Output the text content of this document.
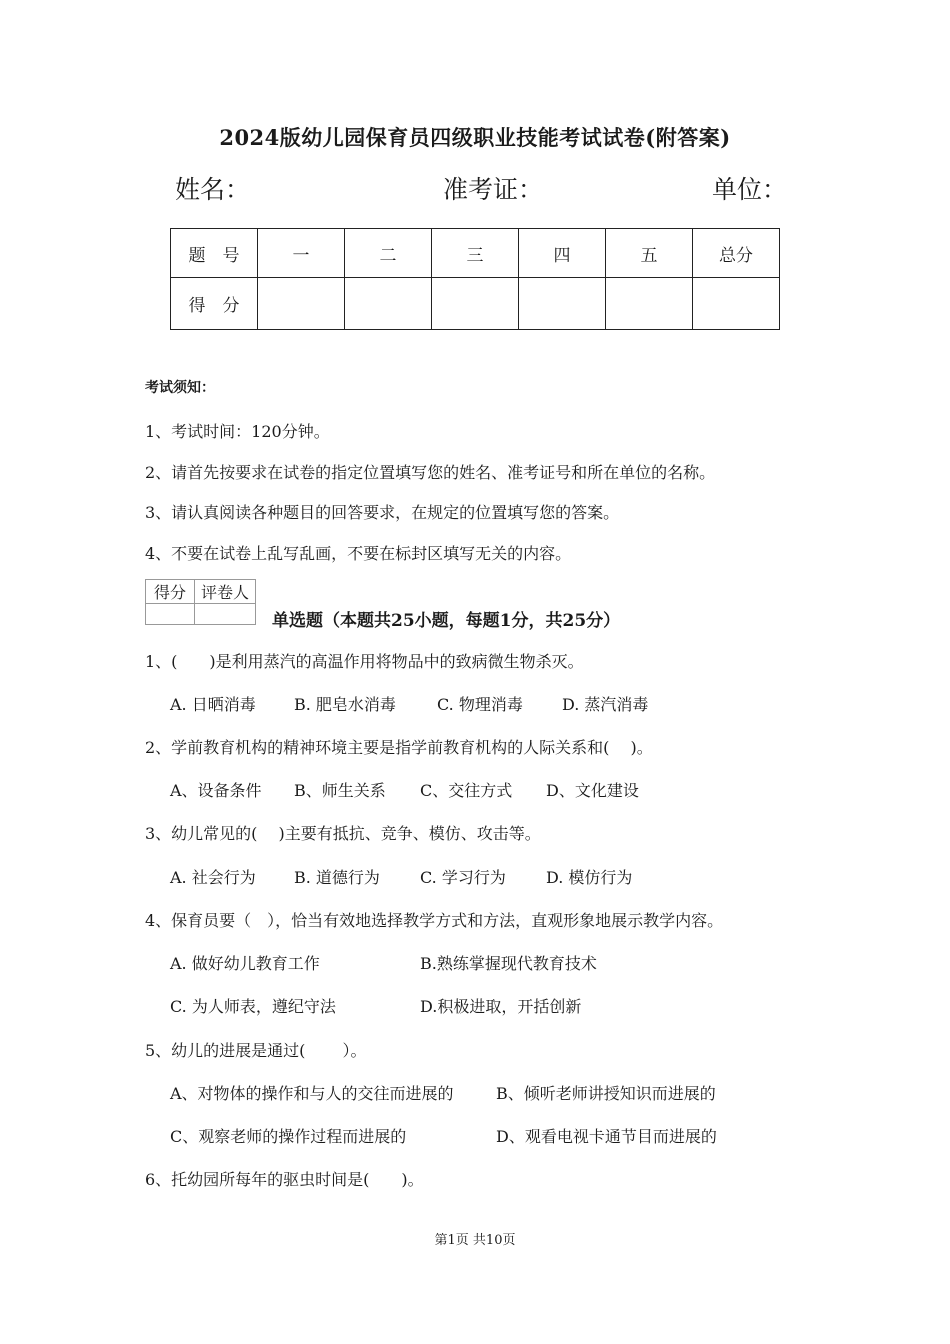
2024版幼儿园保育员四级职业技能考试试卷(附答案)
姓名：	准考证：	单位：
题　号	一	二	三	四	五	总分
得　分						
考试须知：
1、考试时间：120分钟。
2、请首先按要求在试卷的指定位置填写您的姓名、准考证号和所在单位的名称。
3、请认真阅读各种题目的回答要求，在规定的位置填写您的答案。
4、不要在试卷上乱写乱画，不要在标封区填写无关的内容。
得分	评卷人

单选题（本题共25小题，每题1分，共25分）
1、(　　)是利用蒸汽的高温作用将物品中的致病微生物杀灭。
A. 日晒消毒 B. 肥皂水消毒	C. 物理消毒 D. 蒸汽消毒
2、学前教育机构的精神环境主要是指学前教育机构的人际关系和(　 )。
A、设备条件 B、师生关系 C、交往方式 D、文化建设
3、幼儿常见的(　 )主要有抵抗、竞争、模仿、攻击等。
A. 社会行为 B. 道德行为	C. 学习行为	D. 模仿行为
4、保育员要（　），恰当有效地选择教学方式和方法，直观形象地展示教学内容。
A. 做好幼儿教育工作	B.熟练掌握现代教育技术
C. 为人师表，遵纪守法	D.积极进取，开括创新
5、幼儿的进展是通过(　　 ）。
A、对物体的操作和与人的交往而进展的	B、倾听老师讲授知识而进展的
C、观察老师的操作过程而进展的	D、观看电视卡通节目而进展的
6、托幼园所每年的驱虫时间是(　　)。
第1页 共10页
